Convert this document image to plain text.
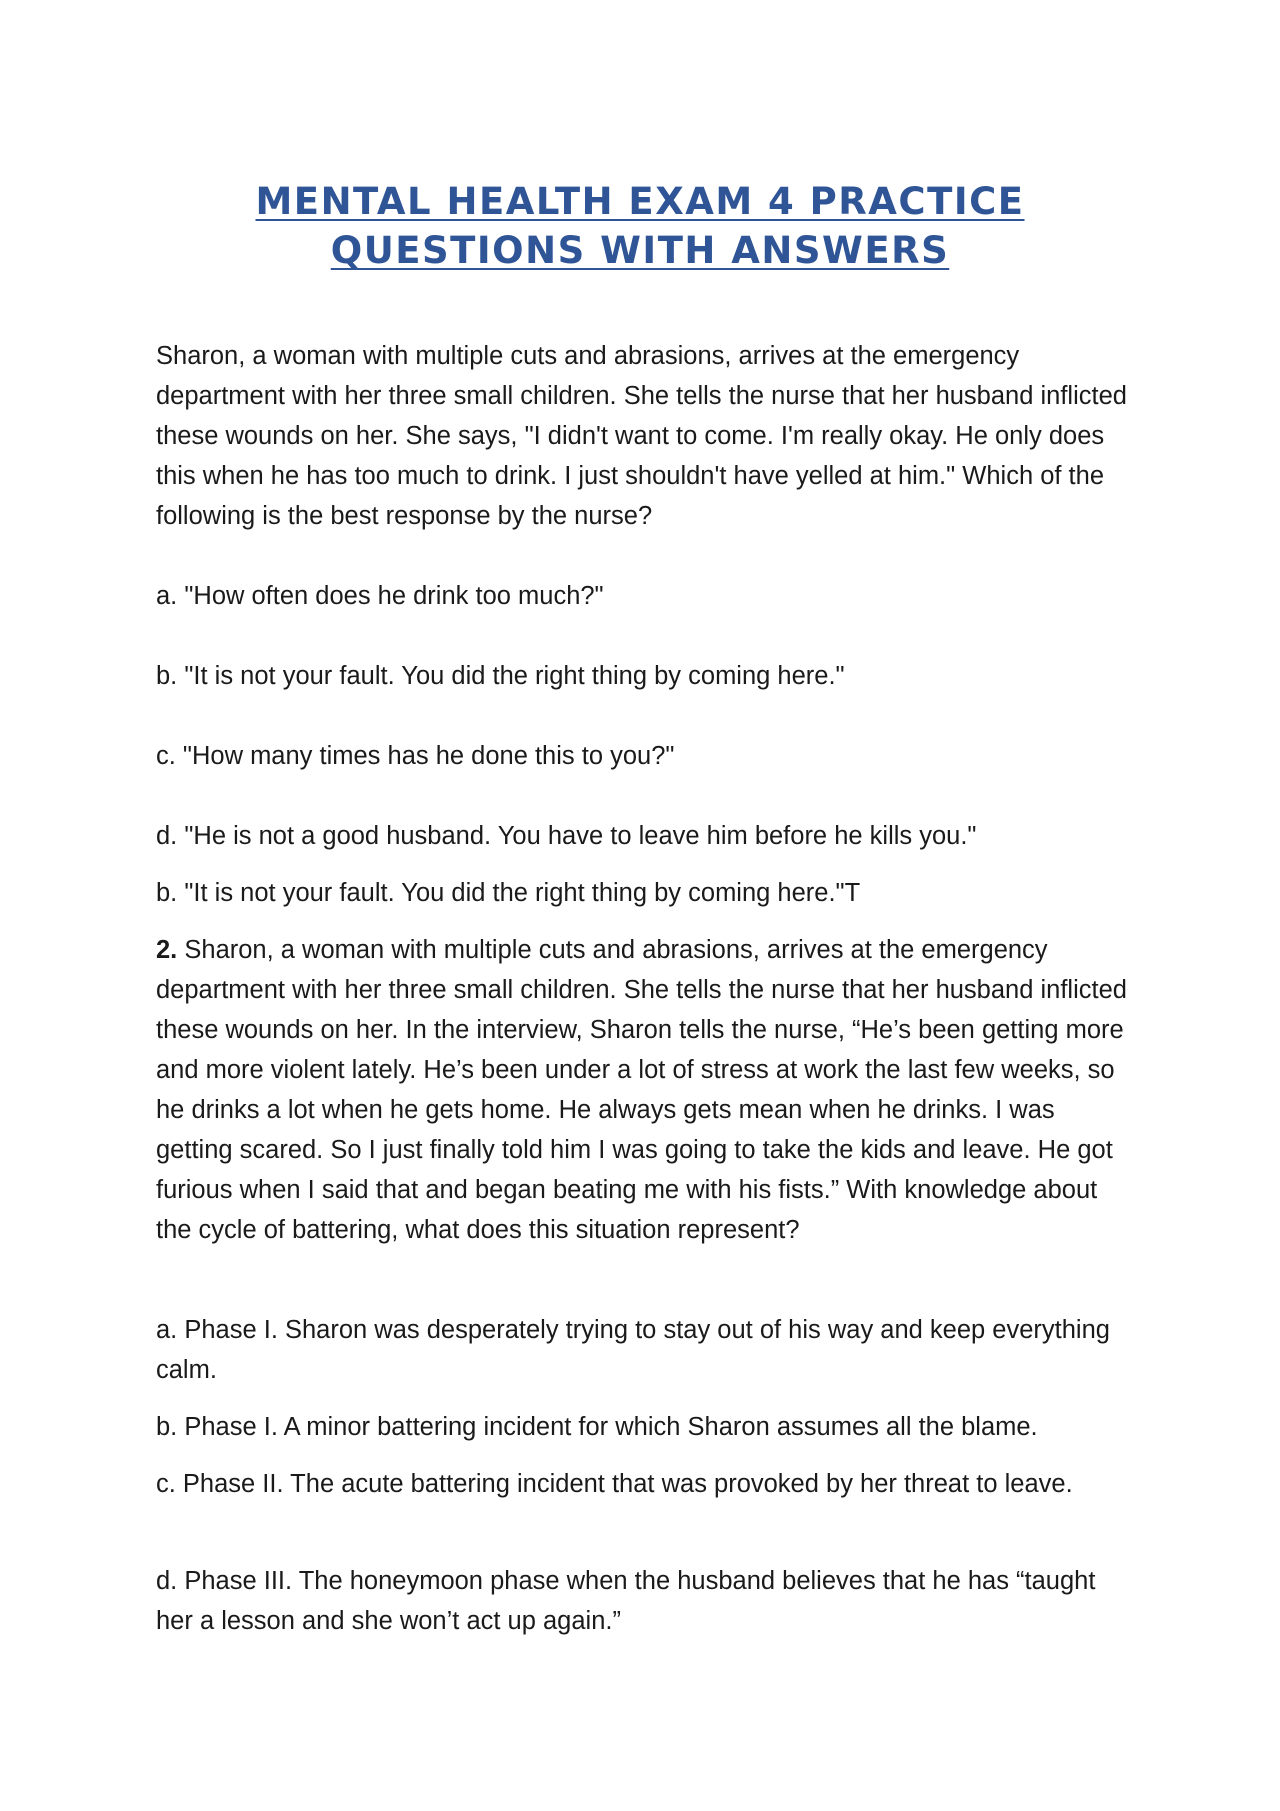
MENTAL HEALTH EXAM 4 PRACTICE
QUESTIONS WITH ANSWERS

Sharon, a woman with multiple cuts and abrasions, arrives at the emergency department with her three small children. She tells the nurse that her husband inflicted these wounds on her. She says, "I didn't want to come. I'm really okay. He only does this when he has too much to drink. I just shouldn't have yelled at him." Which of the following is the best response by the nurse?

a. "How often does he drink too much?"

b. "It is not your fault. You did the right thing by coming here."

c. "How many times has he done this to you?"

d. "He is not a good husband. You have to leave him before he kills you."

b. "It is not your fault. You did the right thing by coming here."T

2. Sharon, a woman with multiple cuts and abrasions, arrives at the emergency department with her three small children. She tells the nurse that her husband inflicted these wounds on her. In the interview, Sharon tells the nurse, “He’s been getting more and more violent lately. He’s been under a lot of stress at work the last few weeks, so he drinks a lot when he gets home. He always gets mean when he drinks. I was getting scared. So I just finally told him I was going to take the kids and leave. He got furious when I said that and began beating me with his fists.” With knowledge about the cycle of battering, what does this situation represent?

a. Phase I. Sharon was desperately trying to stay out of his way and keep everything calm.

b. Phase I. A minor battering incident for which Sharon assumes all the blame.

c. Phase II. The acute battering incident that was provoked by her threat to leave.

d. Phase III. The honeymoon phase when the husband believes that he has “taught her a lesson and she won’t act up again.”
